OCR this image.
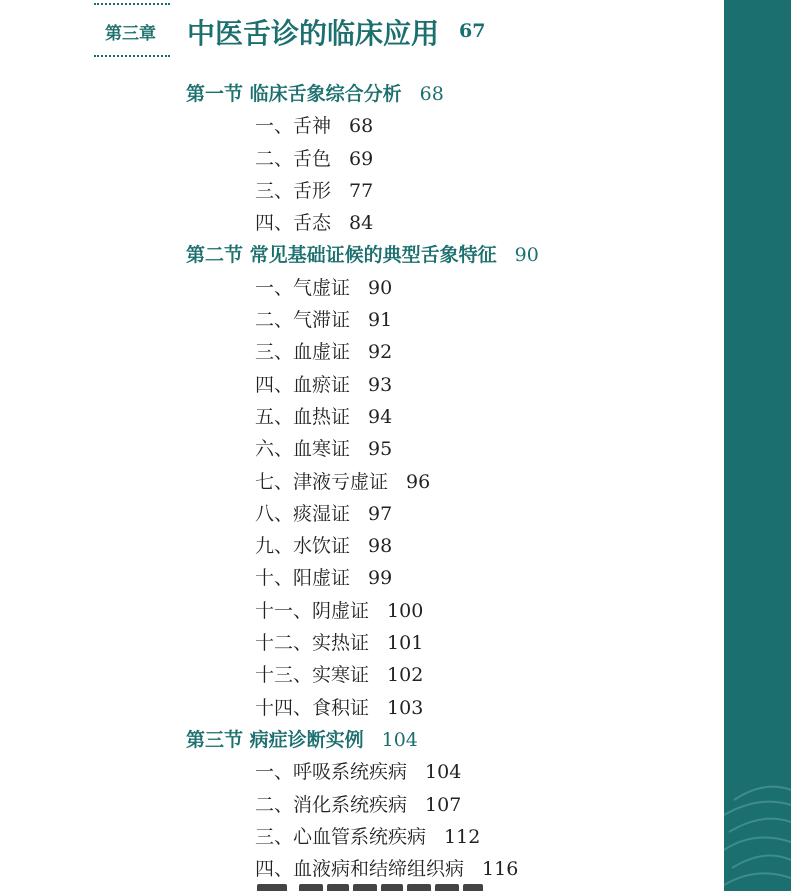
第三章 中医舌诊的临床应用 67
第一节 临床舌象综合分析 68
一、舌神 68
二、舌色 69
三、舌形 77
四、舌态 84
第二节 常见基础证候的典型舌象特征 90
一、气虚证 90
二、气滞证 91
三、血虚证 92
四、血瘀证 93
五、血热证 94
六、血寒证 95
七、津液亏虚证 96
八、痰湿证 97
九、水饮证 98
十、阳虚证 99
十一、阴虚证 100
十二、实热证 101
十三、实寒证 102
十四、食积证 103
第三节 病症诊断实例 104
一、呼吸系统疾病 104
二、消化系统疾病 107
三、心血管系统疾病 112
四、血液病和结缔组织病 116
